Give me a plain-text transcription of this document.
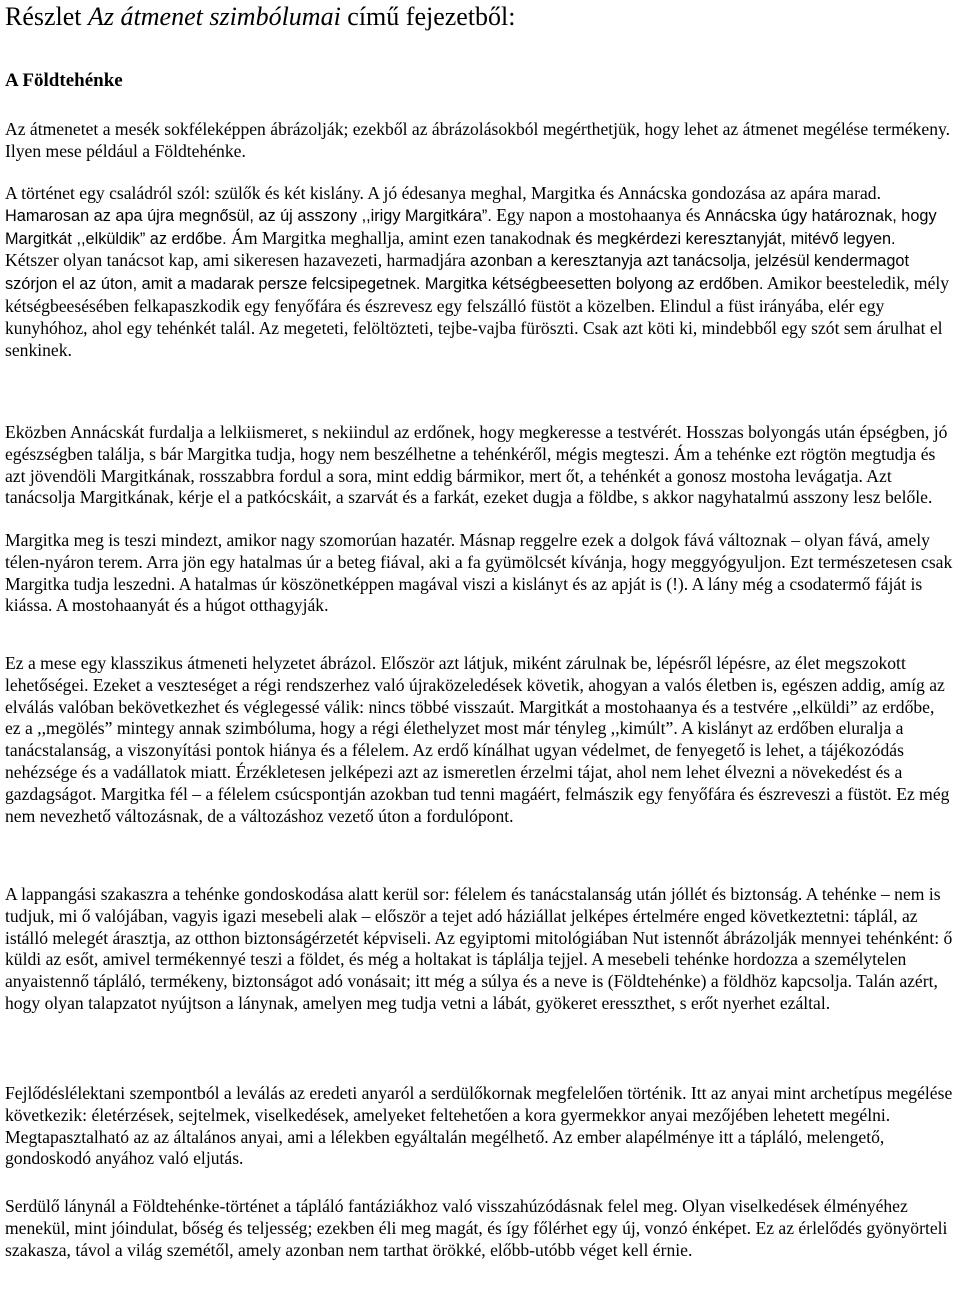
Részlet Az átmenet szimbólumai című fejezetből:
A Földtehénke

Az átmenetet a mesék sokféleképpen ábrázolják; ezekből az ábrázolásokból megérthetjük, hogy lehet az átmenet megélése termékeny. Ilyen mese például a Földtehénke.

A történet egy családról szól: szülők és két kislány. A jó édesanya meghal, Margitka és Annácska gondozása az apára marad. Hamarosan az apa újra megnősül, az új asszony ,,irigy Margitkára”. Egy napon a mostohaanya és Annácska úgy határoznak, hogy Margitkát ,,elküldik” az erdőbe. Ám Margitka meghallja, amint ezen tanakodnak és megkérdezi keresztanyját, mitévő legyen. Kétszer olyan tanácsot kap, ami sikeresen hazavezeti, harmadjára azonban a keresztanyja azt tanácsolja, jelzésül kendermagot szórjon el az úton, amit a madarak persze felcsipegetnek. Margitka kétségbeesetten bolyong az erdőben. Amikor beesteledik, mély kétségbeesésében felkapaszkodik egy fenyőfára és észrevesz egy felszálló füstöt a közelben. Elindul a füst irányába, elér egy kunyhóhoz, ahol egy tehénkét talál. Az megeteti, felöltözteti, tejbe-vajba füröszti. Csak azt köti ki, mindebből egy szót sem árulhat el senkinek.

Eközben Annácskát furdalja a lelkiismeret, s nekiindul az erdőnek, hogy megkeresse a testvérét. Hosszas bolyongás után épségben, jó egészségben találja, s bár Margitka tudja, hogy nem beszélhetne a tehénkéről, mégis megteszi. Ám a tehénke ezt rögtön megtudja és azt jövendöli Margitkának, rosszabbra fordul a sora, mint eddig bármikor, mert őt, a tehénkét a gonosz mostoha levágatja. Azt tanácsolja Margitkának, kérje el a patkócskáit, a szarvát és a farkát, ezeket dugja a földbe, s akkor nagyhatalmú asszony lesz belőle.

Margitka meg is teszi mindezt, amikor nagy szomorúan hazatér. Másnap reggelre ezek a dolgok fává változnak – olyan fává, amely télen-nyáron terem. Arra jön egy hatalmas úr a beteg fiával, aki a fa gyümölcsét kívánja, hogy meggyógyuljon. Ezt természetesen csak Margitka tudja leszedni. A hatalmas úr köszönetképpen magával viszi a kislányt és az apját is (!). A lány még a csodatermő fáját is kiássa. A mostohaanyát és a húgot otthagyják.

Ez a mese egy klasszikus átmeneti helyzetet ábrázol. Először azt látjuk, miként zárulnak be, lépésről lépésre, az élet megszokott lehetőségei. Ezeket a veszteséget a régi rendszerhez való újraközeledések követik, ahogyan a valós életben is, egészen addig, amíg az elválás valóban bekövetkezhet és véglegessé válik: nincs többé visszaút. Margitkát a mostohaanya és a testvére ,,elküldi” az erdőbe, ez a ,,megölés” mintegy annak szimbóluma, hogy a régi élethelyzet most már tényleg ,,kimúlt”. A kislányt az erdőben eluralja a tanácstalanság, a viszonyítási pontok hiánya és a félelem. Az erdő kínálhat ugyan védelmet, de fenyegető is lehet, a tájékozódás nehézsége és a vadállatok miatt. Érzékletesen jelképezi azt az ismeretlen érzelmi tájat, ahol nem lehet élvezni a növekedést és a gazdagságot. Margitka fél – a félelem csúcspontján azokban tud tenni magáért, felmászik egy fenyőfára és észreveszi a füstöt. Ez még nem nevezhető változásnak, de a változáshoz vezető úton a fordulópont.

A lappangási szakaszra a tehénke gondoskodása alatt kerül sor: félelem és tanácstalanság után jóllét és biztonság. A tehénke – nem is tudjuk, mi ő valójában, vagyis igazi mesebeli alak – először a tejet adó háziállat jelképes értelmére enged következtetni: táplál, az istálló melegét árasztja, az otthon biztonságérzetét képviseli. Az egyiptomi mitológiában Nut istennőt ábrázolják mennyei tehénként: ő küldi az esőt, amivel termékennyé teszi a földet, és még a holtakat is táplálja tejjel. A mesebeli tehénke hordozza a személytelen anyaistennő tápláló, termékeny, biztonságot adó vonásait; itt még a súlya és a neve is (Földtehénke) a földhöz kapcsolja. Talán azért, hogy olyan talapzatot nyújtson a lánynak, amelyen meg tudja vetni a lábát, gyökeret eresszthet, s erőt nyerhet ezáltal.

Fejlődéslélektani szempontból a leválás az eredeti anyaról a serdülőkornak megfelelően történik. Itt az anyai mint archetípus megélése következik: életérzések, sejtelmek, viselkedések, amelyeket feltehetően a kora gyermekkor anyai mezőjében lehetett megélni. Megtapasztalható az az általános anyai, ami a lélekben egyáltalán megélhető. Az ember alapélménye itt a tápláló, melengető, gondoskodó anyához való eljutás.

Serdülő lánynál a Földtehénke-történet a tápláló fantáziákhoz való visszahúzódásnak felel meg. Olyan viselkedések élményéhez menekül, mint jóindulat, bőség és teljesség; ezekben éli meg magát, és így főlérhet egy új, vonzó énképet. Ez az érlelődés gyönyörteli szakasza, távol a világ szemétől, amely azonban nem tarthat örökké, előbb-utóbb véget kell érnie.
